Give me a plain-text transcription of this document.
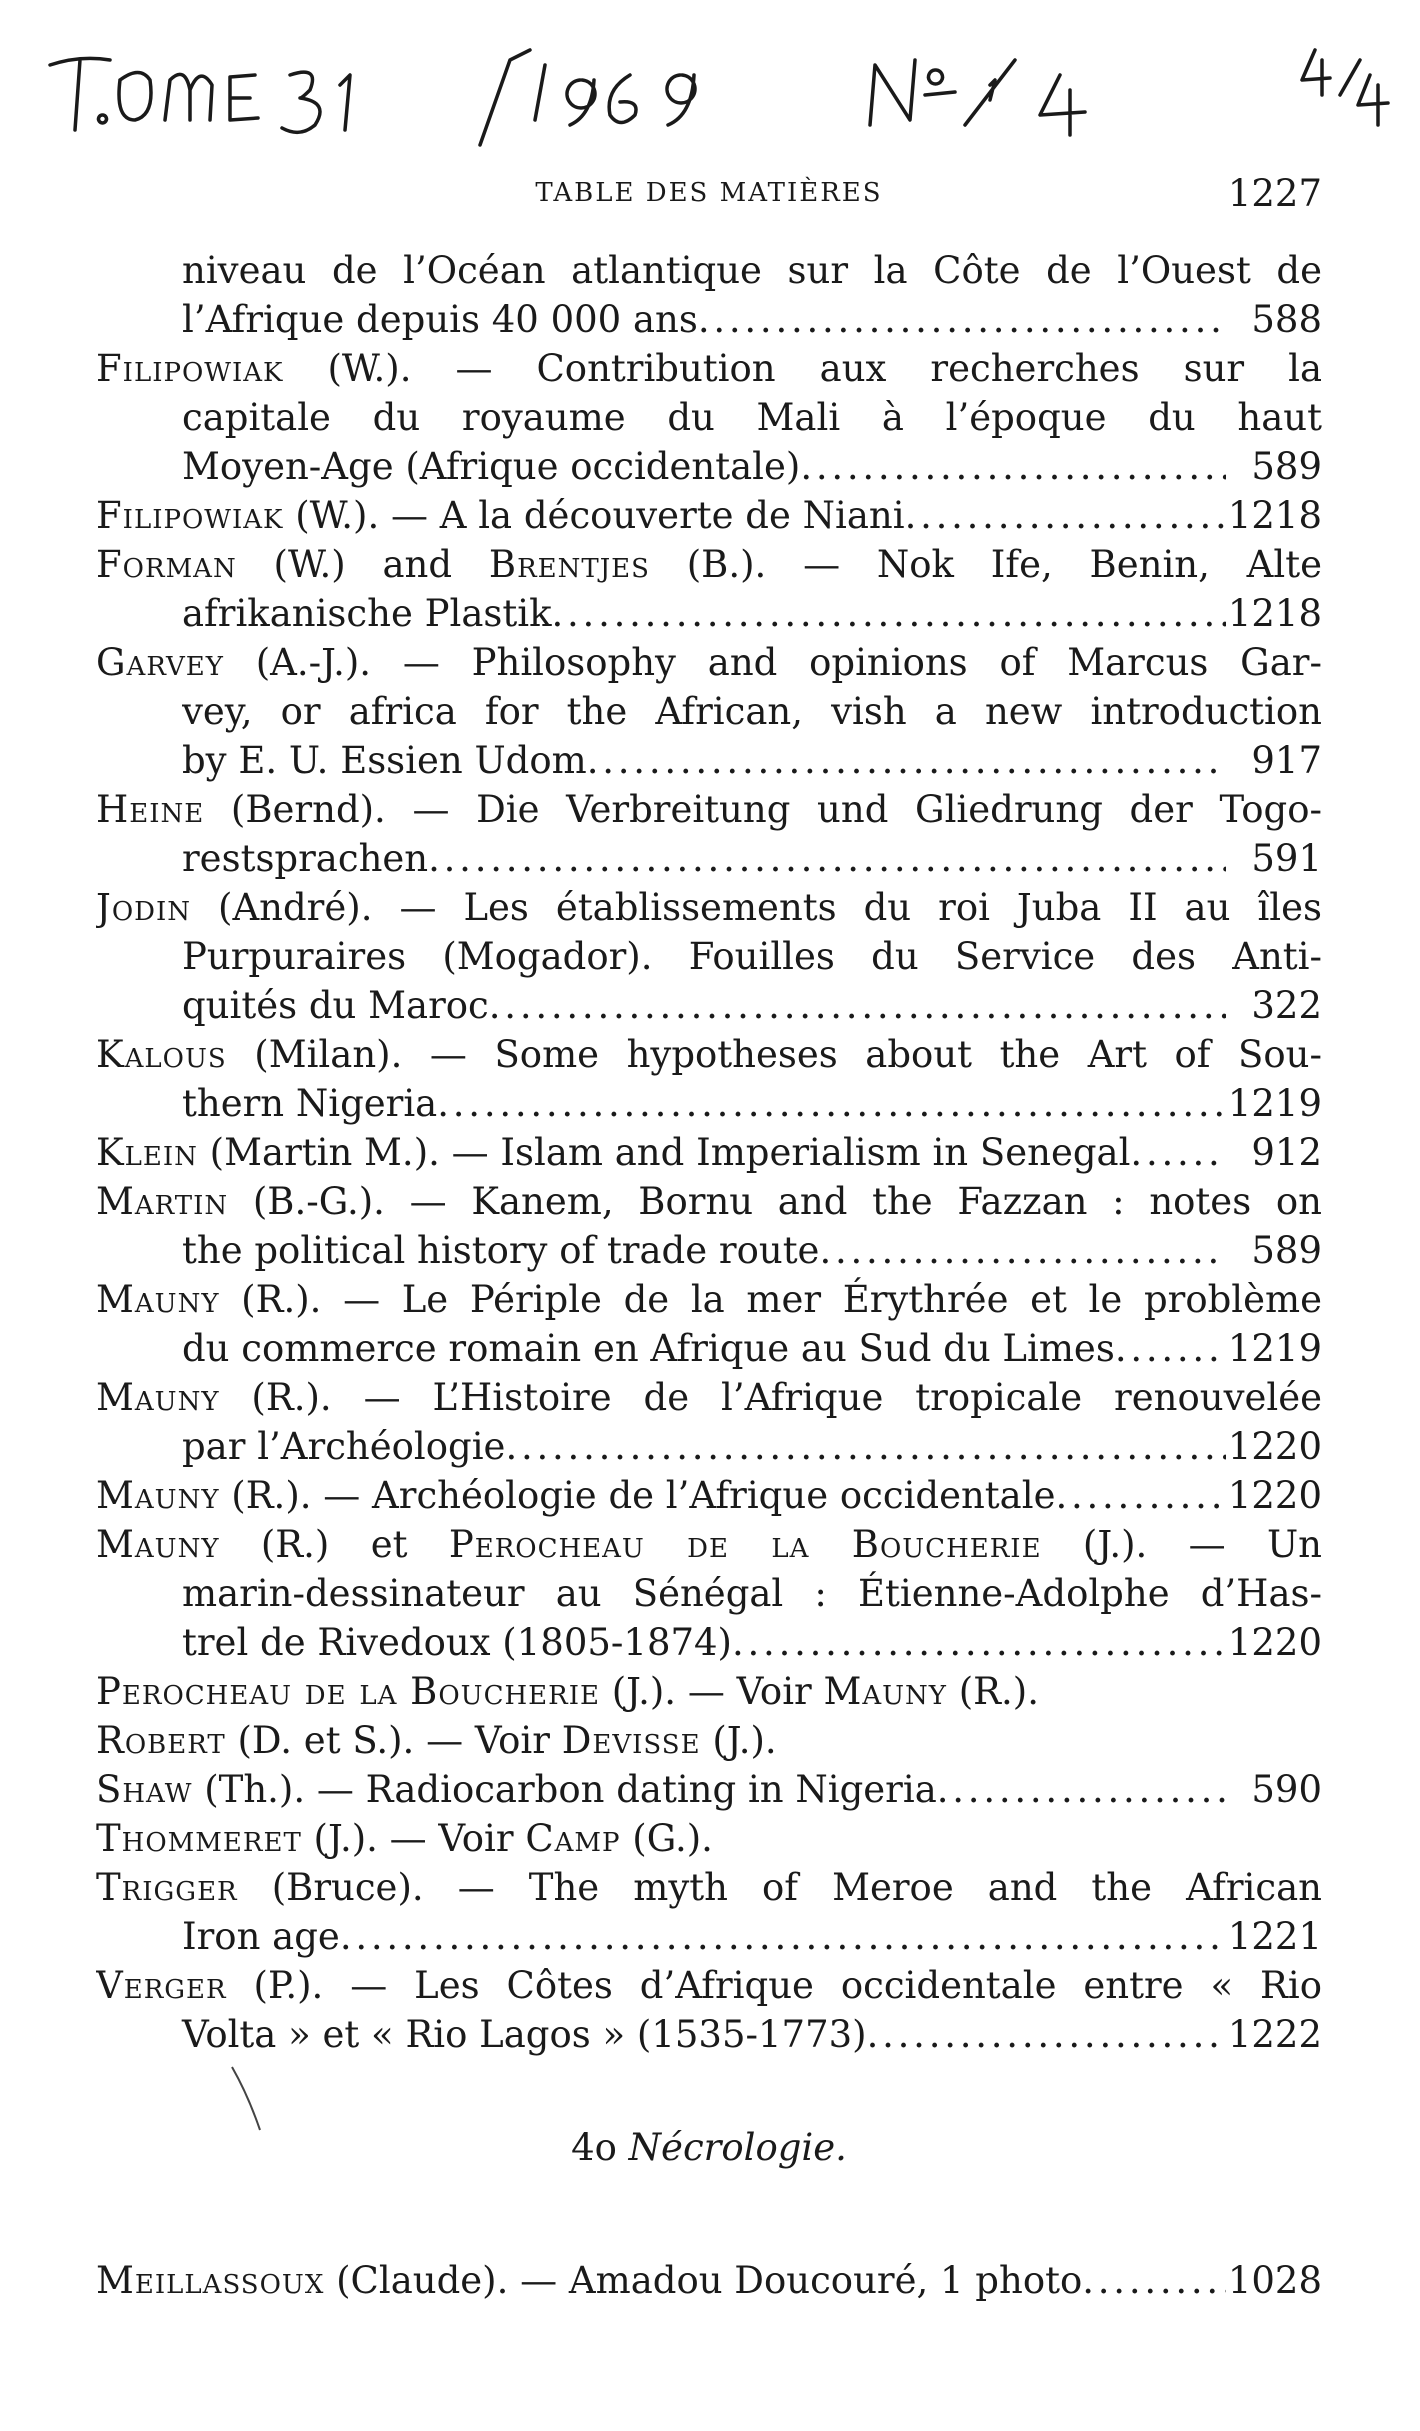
TABLE DES MATIÈRES	1227
niveau de l’Océan atlantique sur la Côte de l’Ouest de
l’Afrique depuis 40 000 ans . . .	588
Filipowiak (W.). — Contribution aux recherches sur la
capitale du royaume du Mali à l’époque du haut
Moyen-Age (Afrique occidentale) . . .	589
Filipowiak (W.). — A la découverte de Niani . . .	1218
Forman (W.) and Brentjes (B.). — Nok Ife, Benin, Alte
afrikanische Plastik . . .	1218
Garvey (A.-J.). — Philosophy and opinions of Marcus Gar-
vey, or africa for the African, vish a new introduction
by E. U. Essien Udom . . .	917
Heine (Bernd). — Die Verbreitung und Gliedrung der Togo-
restsprachen . . .	591
Jodin (André). — Les établissements du roi Juba II au îles
Purpuraires (Mogador). Fouilles du Service des Anti-
quités du Maroc . . .	322
Kalous (Milan). — Some hypotheses about the Art of Sou-
thern Nigeria . . .	1219
Klein (Martin M.). — Islam and Imperialism in Senegal . . .	912
Martin (B.-G.). — Kanem, Bornu and the Fazzan : notes on
the political history of trade route . . .	589
Mauny (R.). — Le Périple de la mer Érythrée et le problème
du commerce romain en Afrique au Sud du Limes . . .	1219
Mauny (R.). — L’Histoire de l’Afrique tropicale renouvelée
par l’Archéologie . . .	1220
Mauny (R.). — Archéologie de l’Afrique occidentale . . .	1220
Mauny (R.) et Perocheau de la Boucherie (J.). — Un
marin-dessinateur au Sénégal : Étienne-Adolphe d’Has-
trel de Rivedoux (1805-1874) . . .	1220
Perocheau de la Boucherie (J.). — Voir Mauny (R.).
Robert (D. et S.). — Voir Devisse (J.).
Shaw (Th.). — Radiocarbon dating in Nigeria . . .	590
Thommeret (J.). — Voir Camp (G.).
Trigger (Bruce). — The myth of Meroe and the African
Iron age . . .	1221
Verger (P.). — Les Côtes d’Afrique occidentale entre « Rio
Volta » et « Rio Lagos » (1535-1773) . . .	1222
4o Nécrologie.
Meillassoux (Claude). — Amadou Doucouré, 1 photo . . .	1028
